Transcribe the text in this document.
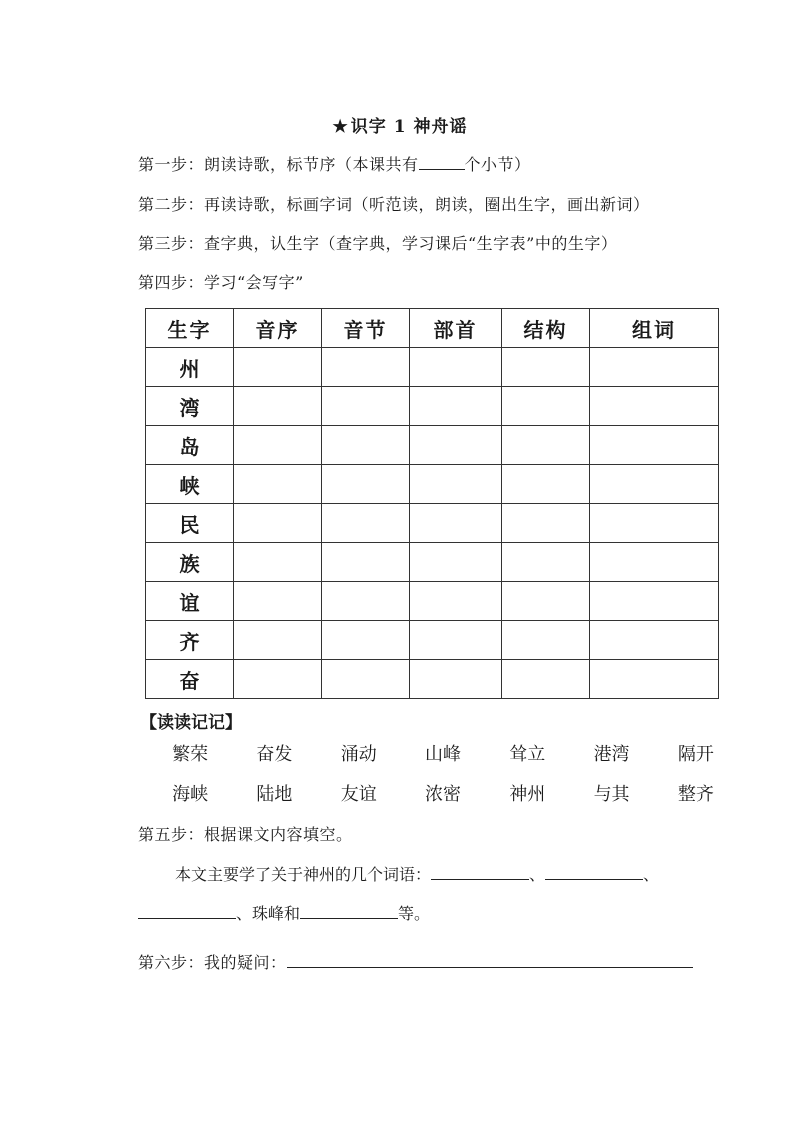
★ 识字 1 神舟谣
第一步：朗读诗歌，标节序（本课共有	个小节）
第二步：再读诗歌，标画字词（听范读，朗读，圈出生字，画出新词）
第三步：查字典，认生字（查字典，学习课后“生字表”中的生字）
第四步：学习“会写字”
生字	音序	音节	部首	结构	组词
州					
湾					
岛					
峡					
民					
族					
谊					
齐					
奋					
【读读记记】
繁荣	奋发	涌动	山峰	耸立	港湾	隔开
海峡	陆地	友谊	浓密	神州	与其	整齐
第五步：根据课文内容填空。
本文主要学了关于神州的几个词语：	、	、
、珠峰和	等。
第六步：我的疑问：
